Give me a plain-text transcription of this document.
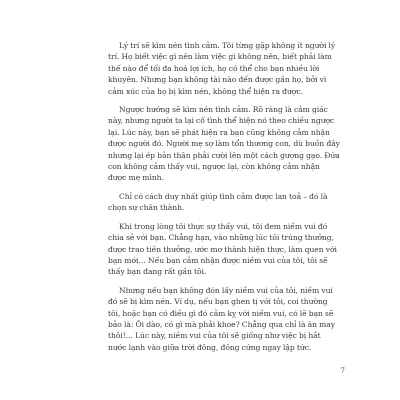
Lý trí sẽ kìm nén tình cảm. Tôi từng gặp không ít người lý trí. Họ biết việc gì nên làm việc gì không nên, biết phải làm thế nào để tối đa hoá lợi ích, họ có thể cho bạn nhiều lời khuyên. Nhưng bạn không tài nào đến được gần họ, bởi vì cảm xúc của họ bị kìm nén, không thể hiện ra được.

Ngược hướng sẽ kìm nén tình cảm. Rõ ràng là cảm giác này, nhưng người ta lại cố tình thể hiện nó theo chiều ngược lại. Lúc này, bạn sẽ phát hiện ra bạn cũng không cảm nhận được người đó. Người mẹ sợ làm tổn thương con, dù buồn đây nhưng lại ép bản thân phải cười lên một cách gượng gạo. Đứa con không cảm thấy vui, ngược lại, còn không cảm nhận được mẹ mình.

Chỉ có cách duy nhất giúp tình cảm được lan toả – đó là chọn sự chân thành.

Khi trong lòng tôi thực sự thấy vui, tôi đem niềm vui đó chia sẻ với bạn. Chẳng hạn, vào những lúc tôi trúng thưởng, được trao tiền thưởng, ước mơ thành hiện thực, làm quen với bạn mới… Nếu bạn cảm nhận được niềm vui của tôi, tôi sẽ thấy bạn đang rất gần tôi.

Nhưng nếu bạn không đón lấy niềm vui của tôi, niềm vui đó sẽ bị kìm nén. Ví dụ, nếu bạn ghen tị với tôi, coi thường tôi, hoặc bạn có điều gì đó cảm kỵ với niềm vui, có lẽ bạn sẽ bảo là: Ôi dào, có gì mà phải khoe? Chẳng qua chỉ là ăn may thôi!... Lúc này, niềm vui của tôi sẽ giống như việc bị hắt nước lạnh vào giữa trời đông, đông cứng ngay lập tức.

7
